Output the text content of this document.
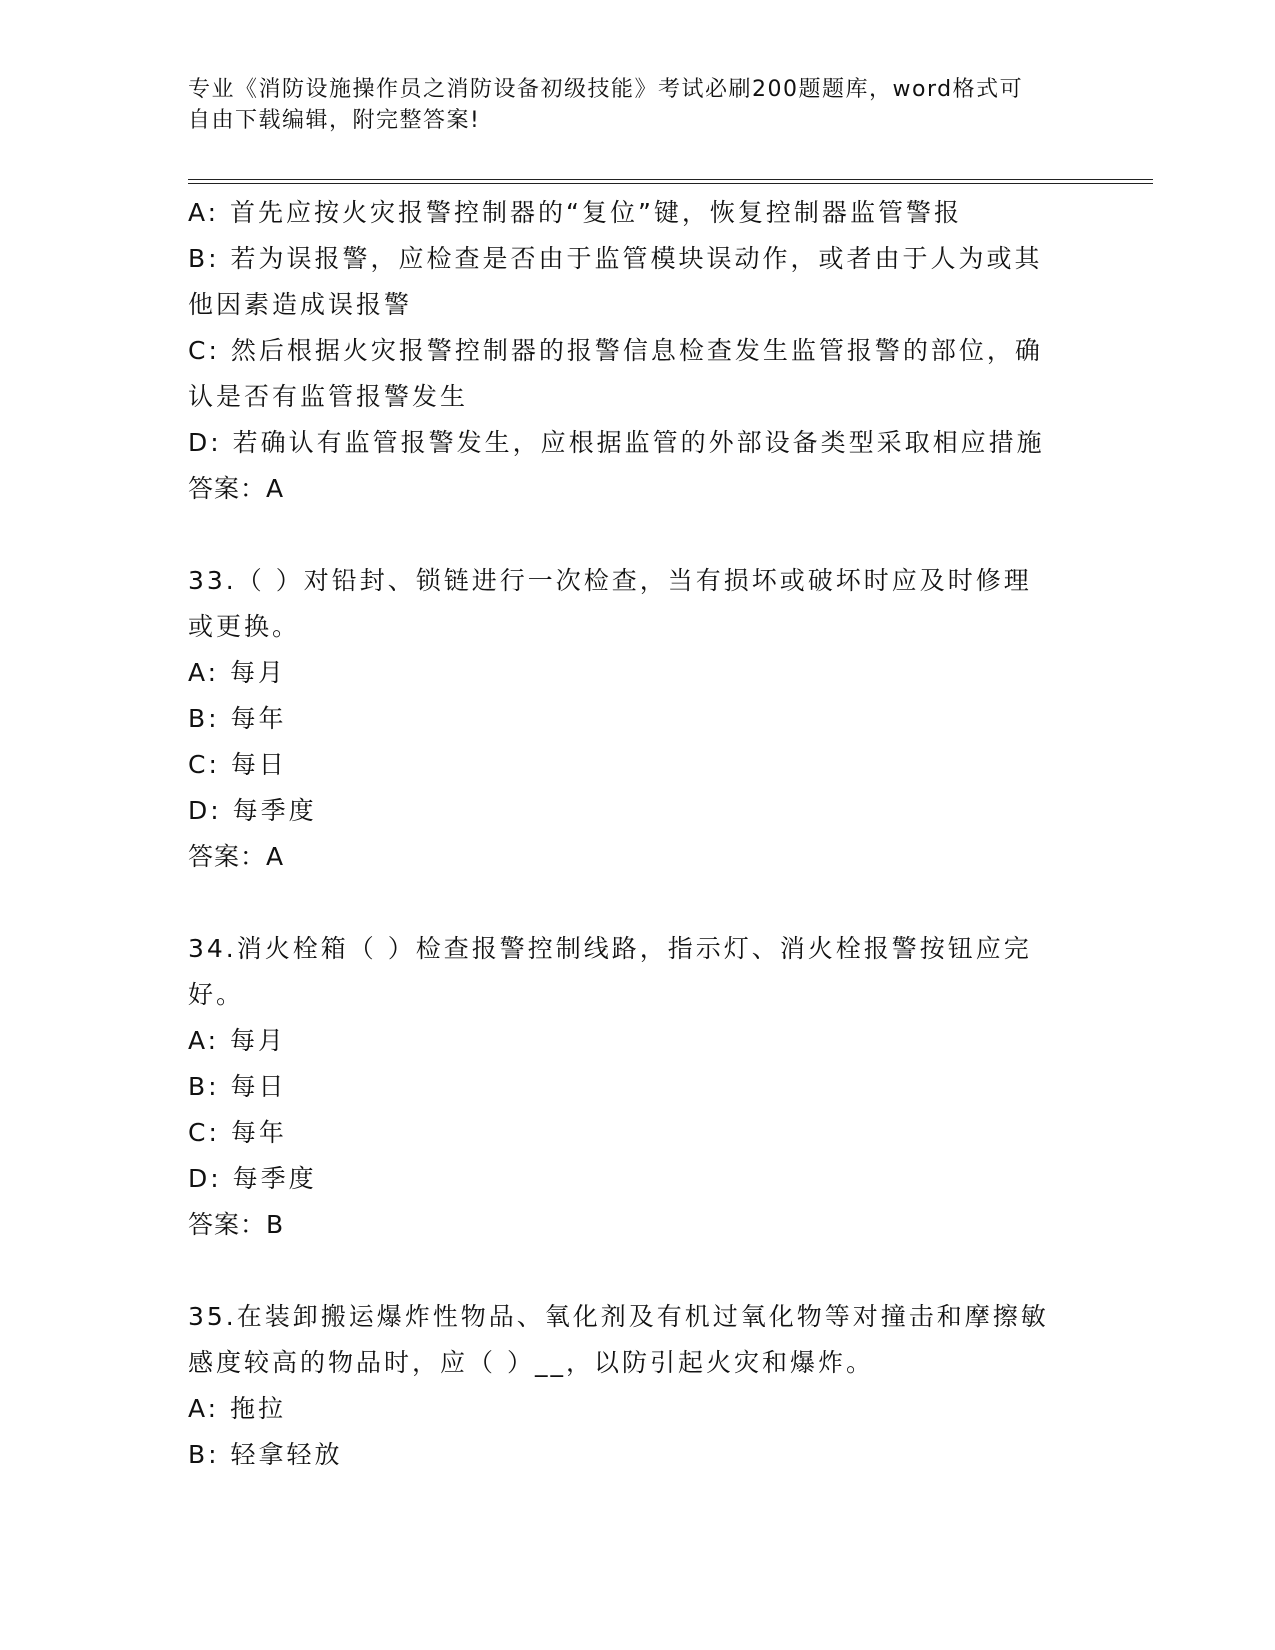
专业《消防设施操作员之消防设备初级技能》考试必刷200题题库，word格式可
自由下载编辑，附完整答案!
A: 首先应按火灾报警控制器的“复位”键，恢复控制器监管警报
B: 若为误报警，应检查是否由于监管模块误动作，或者由于人为或其
他因素造成误报警
C: 然后根据火灾报警控制器的报警信息检查发生监管报警的部位，确
认是否有监管报警发生
D: 若确认有监管报警发生，应根据监管的外部设备类型采取相应措施
答案：A
33.（ ）对铅封、锁链进行一次检查，当有损坏或破坏时应及时修理
或更换。
A: 每月
B: 每年
C: 每日
D: 每季度
答案：A
34.消火栓箱（ ）检查报警控制线路，指示灯、消火栓报警按钮应完
好。
A: 每月
B: 每日
C: 每年
D: 每季度
答案：B
35.在装卸搬运爆炸性物品、氧化剂及有机过氧化物等对撞击和摩擦敏
感度较高的物品时，应（ ）__，以防引起火灾和爆炸。
A: 拖拉
B: 轻拿轻放
